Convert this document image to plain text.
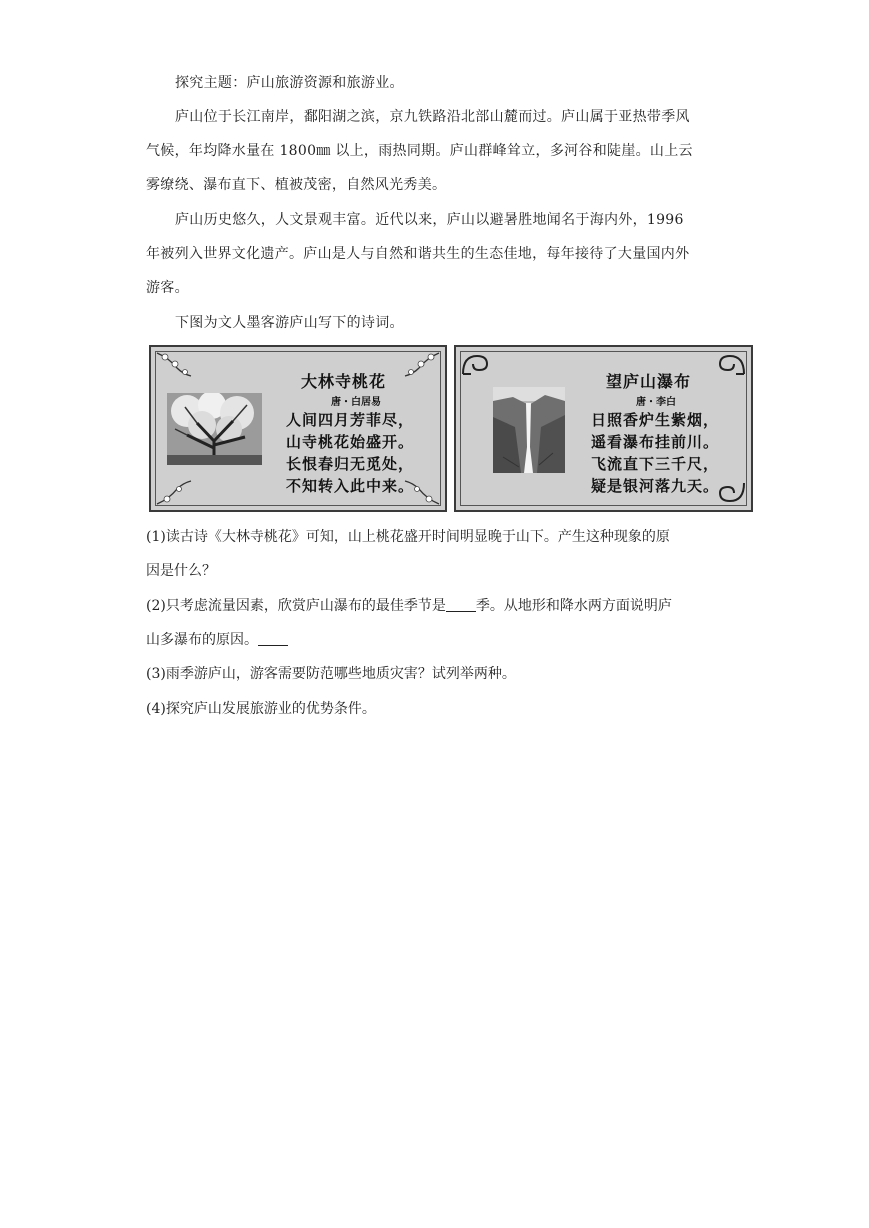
探究主题：庐山旅游资源和旅游业。

庐山位于长江南岸，鄱阳湖之滨，京九铁路沿北部山麓而过。庐山属于亚热带季风

气候，年均降水量在 1800㎜ 以上，雨热同期。庐山群峰耸立，多河谷和陡崖。山上云

雾缭绕、瀑布直下、植被茂密，自然风光秀美。

庐山历史悠久，人文景观丰富。近代以来，庐山以避暑胜地闻名于海内外，1996

年被列入世界文化遗产。庐山是人与自然和谐共生的生态佳地，每年接待了大量国内外

游客。

下图为文人墨客游庐山写下的诗词。

大林寺桃花
唐・白居易
人间四月芳菲尽，
山寺桃花始盛开。
长恨春归无觅处，
不知转入此中来。
望庐山瀑布
唐・李白
日照香炉生紫烟，
遥看瀑布挂前川。
飞流直下三千尺，
疑是银河落九天。

(1)读古诗《大林寺桃花》可知，山上桃花盛开时间明显晚于山下。产生这种现象的原

因是什么？

(2)只考虑流量因素，欣赏庐山瀑布的最佳季节是 季。从地形和降水两方面说明庐

山多瀑布的原因。

(3)雨季游庐山，游客需要防范哪些地质灾害？试列举两种。

(4)探究庐山发展旅游业的优势条件。
